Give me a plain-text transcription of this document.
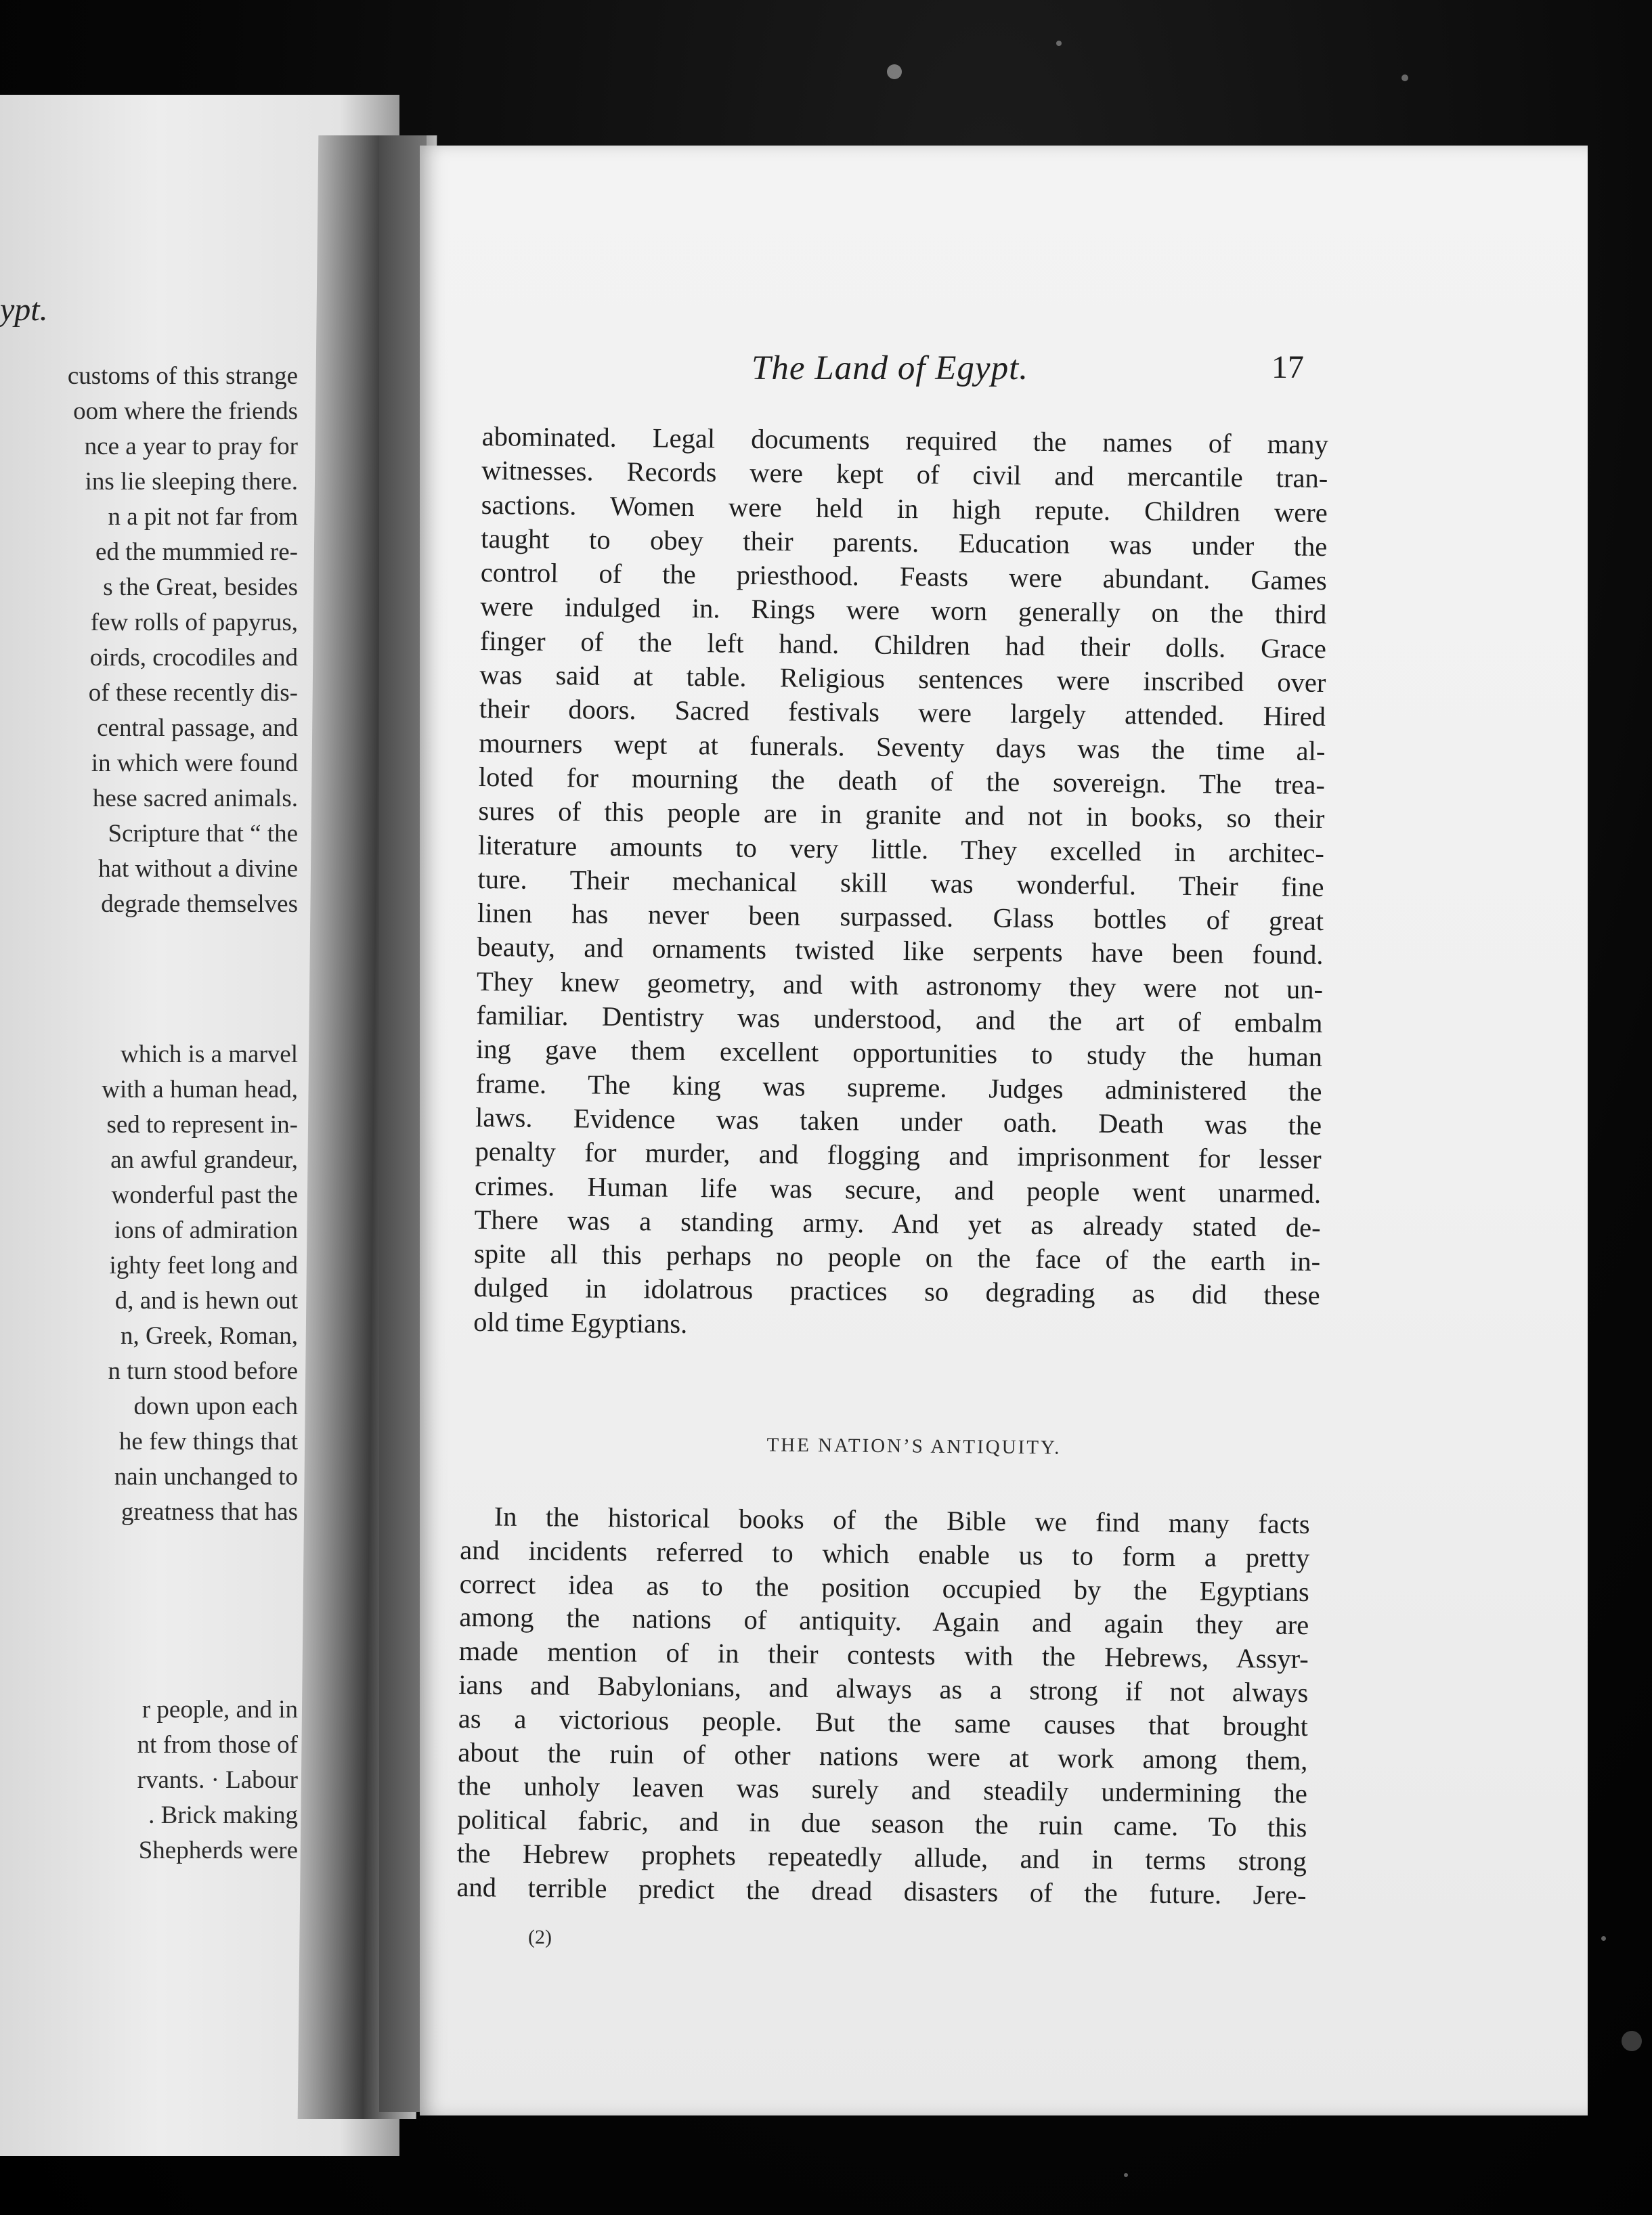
ypt.
customs of this strange
oom where the friends
nce a year to pray for
ins lie sleeping there.
n a pit not far from
ed the mummied re-
s the Great, besides
few rolls of papyrus,
oirds, crocodiles and
of these recently dis-
central passage, and
in which were found
hese sacred animals.
Scripture that “ the
hat without a divine
degrade themselves
which is a marvel
with a human head,
sed to represent in-
an awful grandeur,
wonderful past the
ions of admiration
ighty feet long and
d, and is hewn out
n, Greek, Roman,
n turn stood before
down upon each
he few things that
nain unchanged to
greatness that has
r people, and in
nt from those of
rvants. · Labour
. Brick making
Shepherds were
The Land of Egypt.	17
abominated. Legal documents required the names of many
witnesses. Records were kept of civil and mercantile tran-
sactions. Women were held in high repute. Children were
taught to obey their parents. Education was under the
control of the priesthood. Feasts were abundant. Games
were indulged in. Rings were worn generally on the third
finger of the left hand. Children had their dolls. Grace
was said at table. Religious sentences were inscribed over
their doors. Sacred festivals were largely attended. Hired
mourners wept at funerals. Seventy days was the time al-
loted for mourning the death of the sovereign. The trea-
sures of this people are in granite and not in books, so their
literature amounts to very little. They excelled in architec-
ture. Their mechanical skill was wonderful. Their fine
linen has never been surpassed. Glass bottles of great
beauty, and ornaments twisted like serpents have been found.
They knew geometry, and with astronomy they were not un-
familiar. Dentistry was understood, and the art of embalm
ing gave them excellent opportunities to study the human
frame. The king was supreme. Judges administered the
laws. Evidence was taken under oath. Death was the
penalty for murder, and flogging and imprisonment for lesser
crimes. Human life was secure, and people went unarmed.
There was a standing army. And yet as already stated de-
spite all this perhaps no people on the face of the earth in-
dulged in idolatrous practices so degrading as did these
old time Egyptians.
THE NATION’S ANTIQUITY.
In the historical books of the Bible we find many facts
and incidents referred to which enable us to form a pretty
correct idea as to the position occupied by the Egyptians
among the nations of antiquity. Again and again they are
made mention of in their contests with the Hebrews, Assyr-
ians and Babylonians, and always as a strong if not always
as a victorious people. But the same causes that brought
about the ruin of other nations were at work among them,
the unholy leaven was surely and steadily undermining the
political fabric, and in due season the ruin came. To this
the Hebrew prophets repeatedly allude, and in terms strong
and terrible predict the dread disasters of the future. Jere-
(2)
